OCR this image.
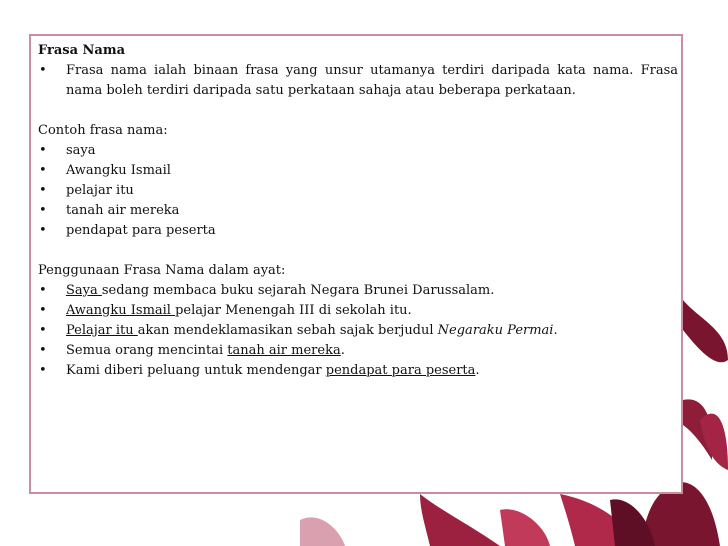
Frasa Nama
• Frasa nama ialah binaan frasa yang unsur utamanya terdiri daripada kata nama. Frasa nama boleh terdiri daripada satu perkataan sahaja atau beberapa perkataan.
Contoh frasa nama:
• saya
• Awangku Ismail
• pelajar itu
• tanah air mereka
• pendapat para peserta
Penggunaan Frasa Nama dalam ayat:
• Saya sedang membaca buku sejarah Negara Brunei Darussalam.
• Awangku Ismail pelajar Menengah III di sekolah itu.
• Pelajar itu akan mendeklamasikan sebah sajak berjudul Negaraku Permai.
• Semua orang mencintai tanah air mereka.
• Kami diberi peluang untuk mendengar pendapat para peserta.
